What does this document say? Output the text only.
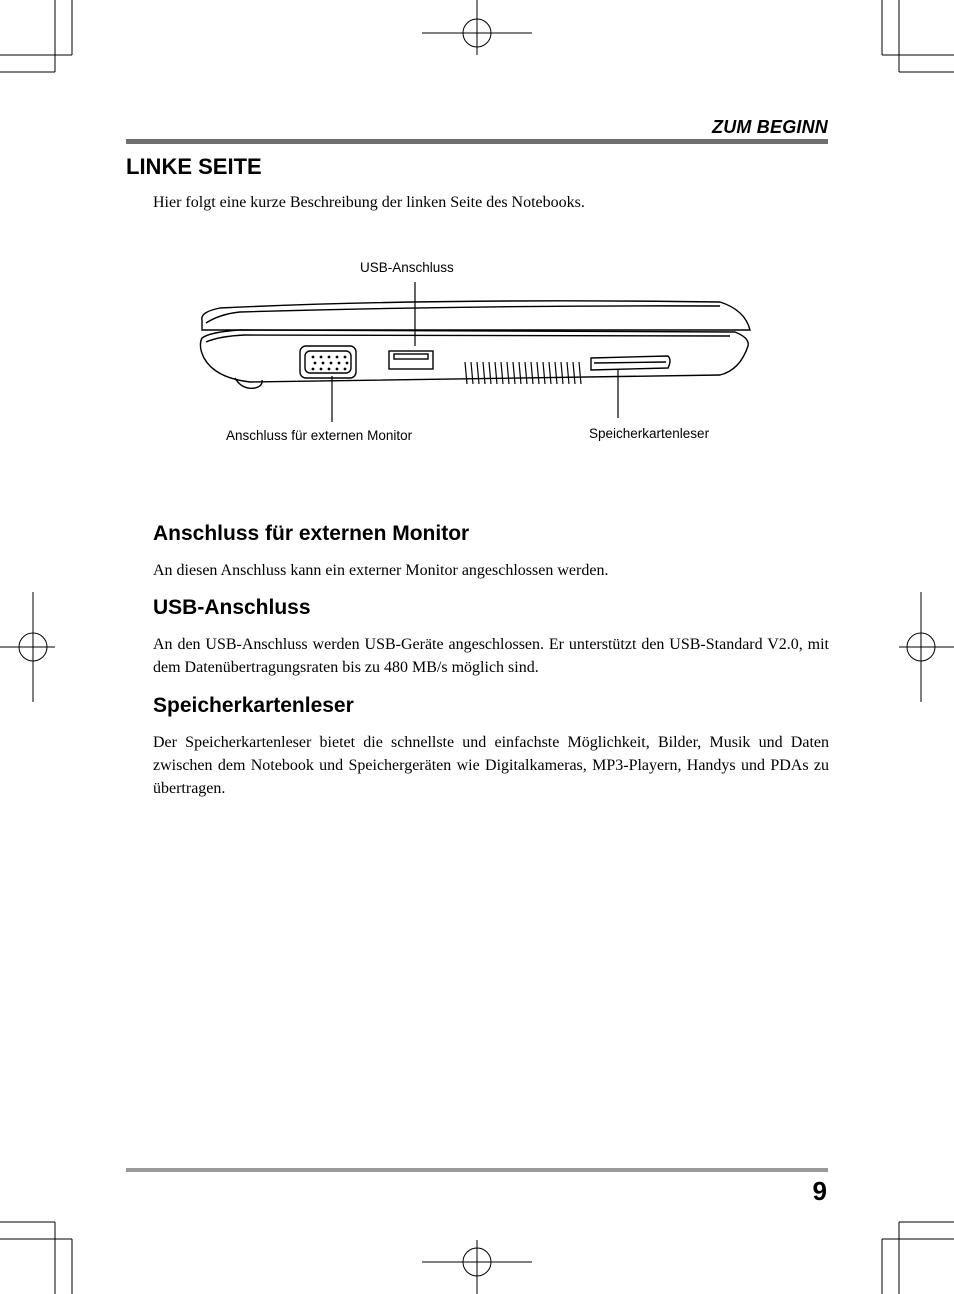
ZUM BEGINN
LINKE SEITE
Hier folgt eine kurze Beschreibung der linken Seite des Notebooks.
USB-Anschluss
Anschluss für externen Monitor	Speicherkartenleser
Anschluss für externen Monitor
An diesen Anschluss kann ein externer Monitor angeschlossen werden.
USB-Anschluss
An den USB-Anschluss werden USB-Geräte angeschlossen. Er unterstützt den USB-Standard V2.0, mit dem Datenübertragungsraten bis zu 480 MB/s möglich sind.
Speicherkartenleser
Der Speicherkartenleser bietet die schnellste und einfachste Möglichkeit, Bilder, Musik und Daten zwischen dem Notebook und Speichergeräten wie Digitalkameras, MP3-Playern, Handys und PDAs zu übertragen.
9
